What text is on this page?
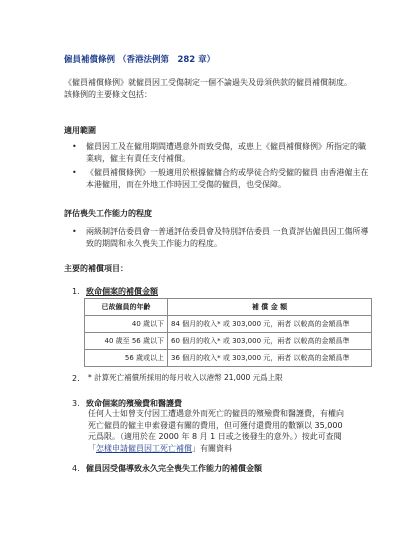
僱員補償條例 （香港法例第　282 章）
《僱員補償條例》就僱員因工受傷制定一個不論過失及毋須供款的僱員補償制度。該條例的主要條文包括：
適用範圍
• 僱員因工及在僱用期間遭遇意外而致受傷，或患上《僱員補償條例》所指定的職業病，僱主有責任支付補償。
• 《僱員補償條例》一般適用於根據僱傭合約或學徒合約受僱的僱員 由香港僱主在本港僱用，而在外地工作時因工受傷的僱員，也受保障。
評估喪失工作能力的程度
• 兩級制評估委員會一普通評估委員會及特別評估委員 一負責評估僱員因工傷所導致的期間和永久喪失工作能力的程度。
主要的補償項目：
1. 致命個案的補償金額
已故僱員的年齡	補 償 金 額
40 歲以下	84 個月的收入* 或 303,000 元，兩者 以較高的金額爲準
40 歲至 56 歲以下	60 個月的收入* 或 303,000 元，兩者 以較高的金額爲準
56 歲或以上	36 個月的收入* 或 303,000 元，兩者 以較高的金額爲準
2.	* 計算死亡補償所採用的每月收入以港幣 21,000 元爲上限
3. 致命個案的殯殮費和醫護費
任何人士如曾支付因工遭遇意外而死亡的僱員的殯殮費和醫護費，有權向死亡僱員的僱主申索發還有關的費用，但可獲付還費用的數額以 35,000 元爲限。（適用於在 2000 年 8 月 1 日或之後發生的意外。）按此可查閱「怎樣申請僱員因工死亡補償」有關資料
4. 僱員因受傷導致永久完全喪失工作能力的補償金額
